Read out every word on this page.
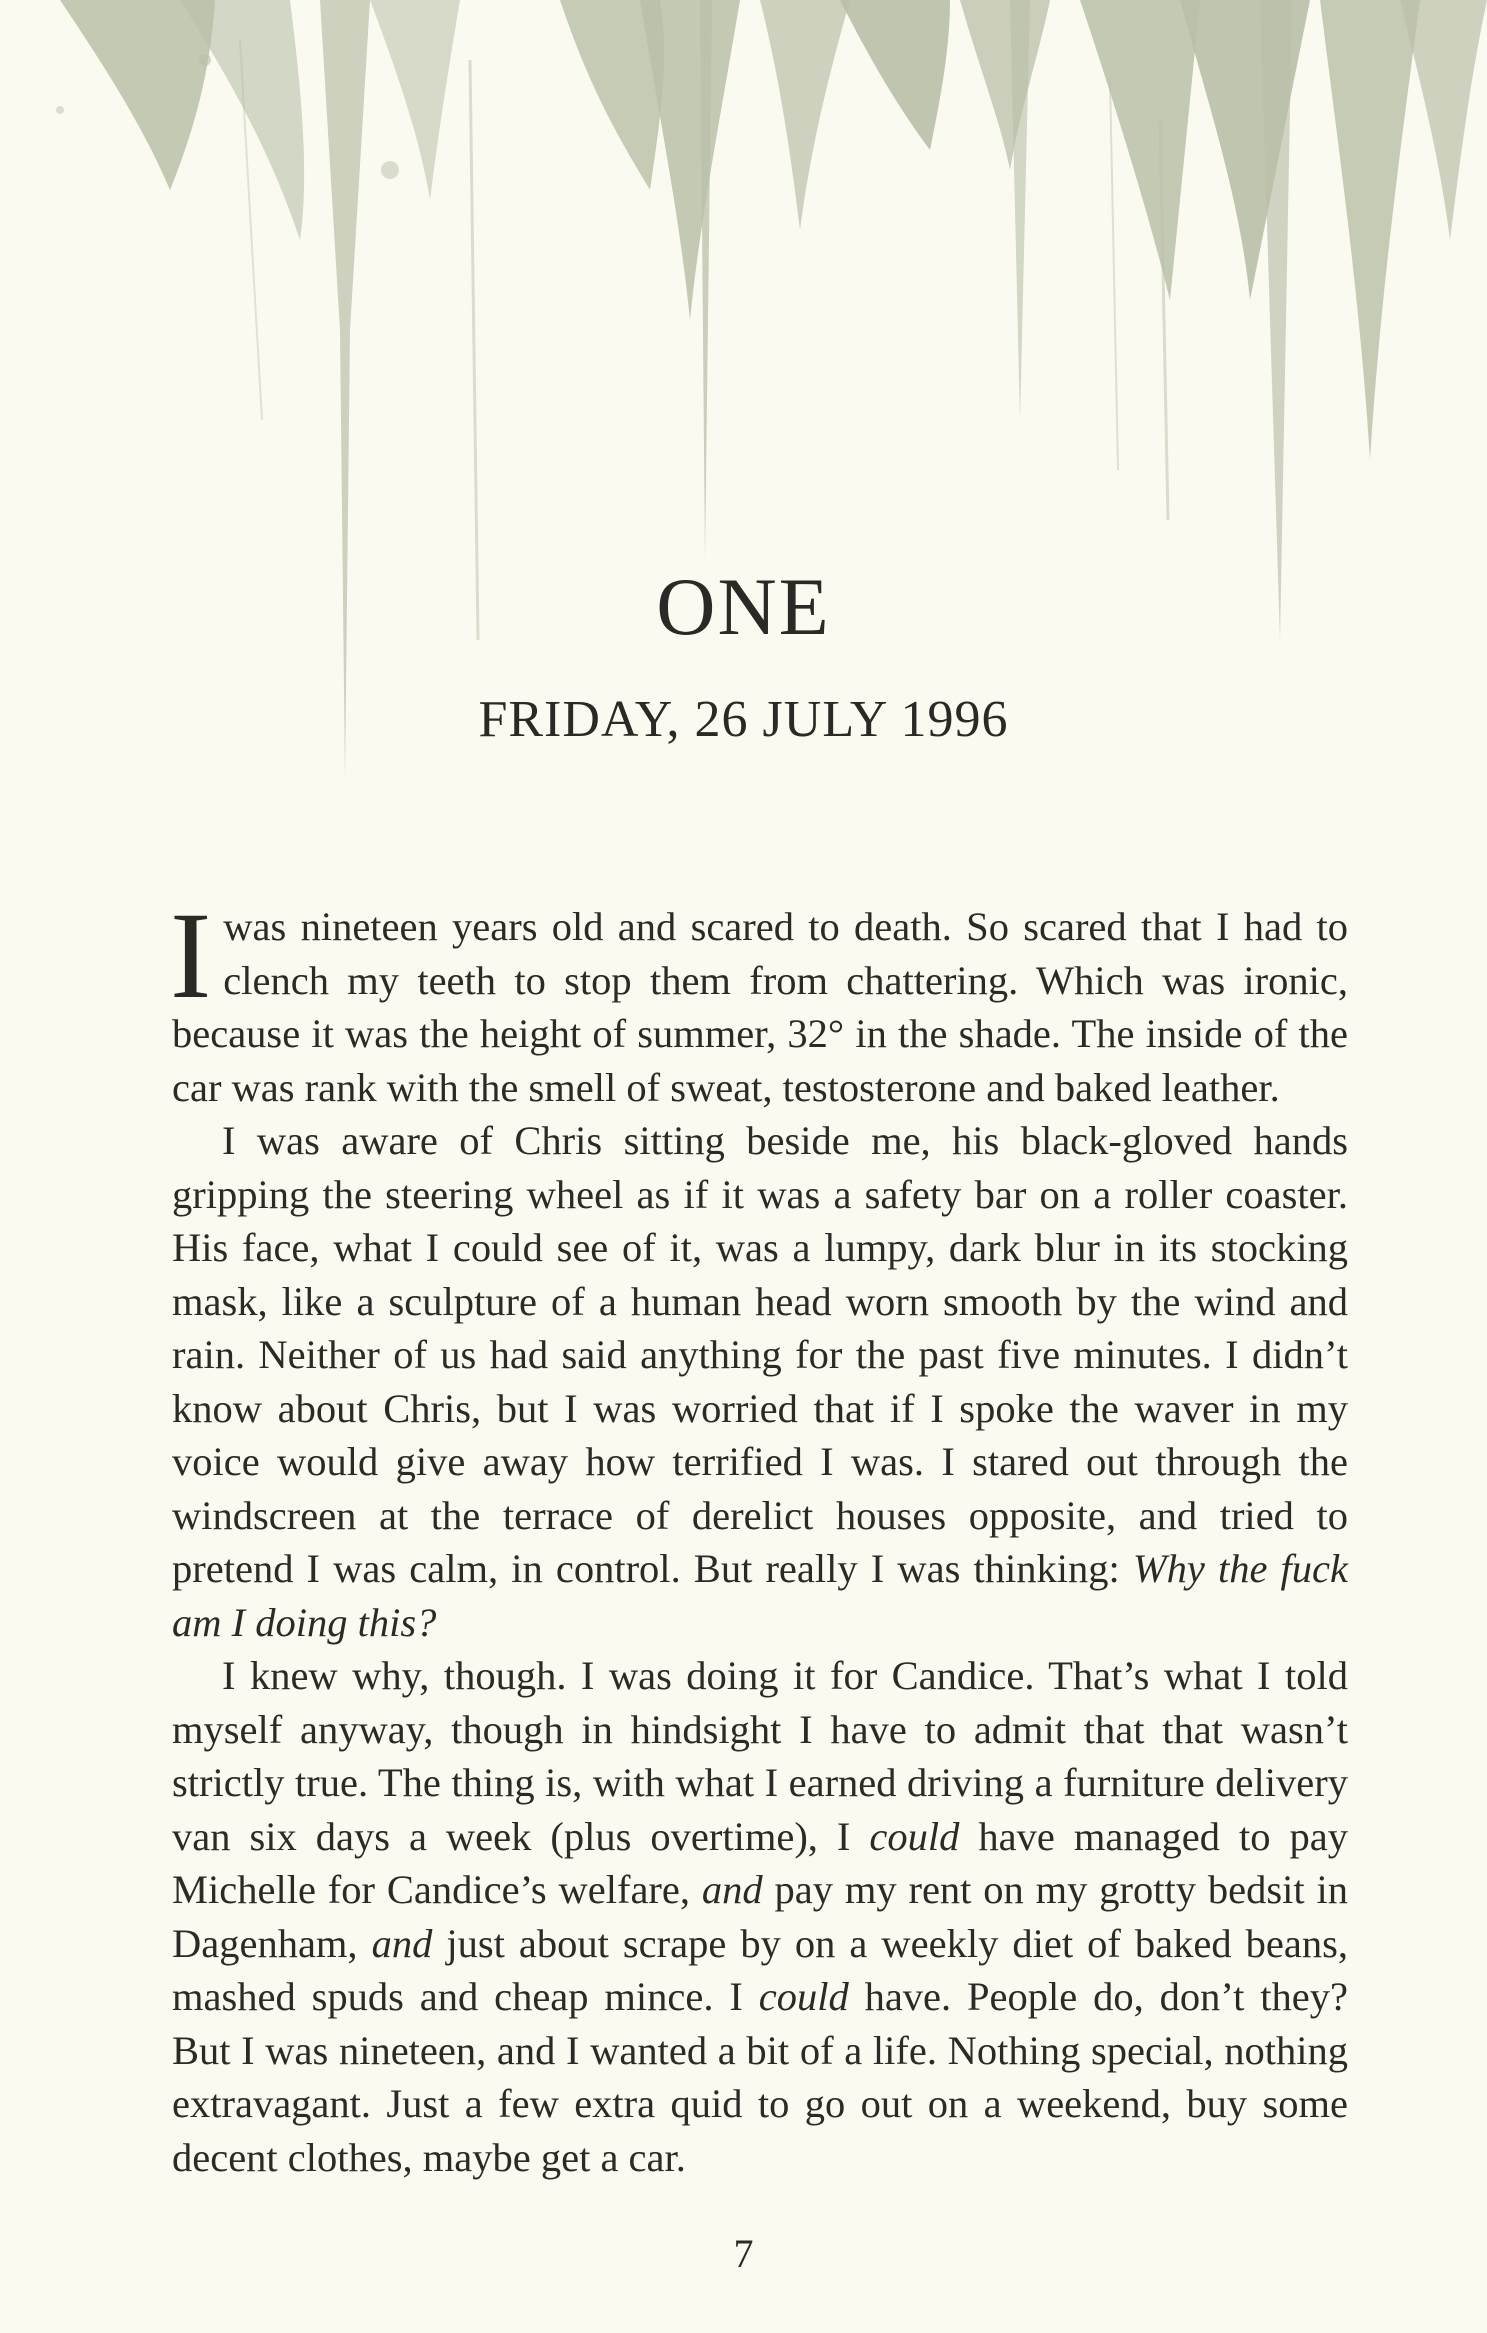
ONE
FRIDAY, 26 JULY 1996

Iwas nineteen years old and scared to death. So scared that I had to clench my teeth to stop them from chattering. Which was ironic, because it was the height of summer, 32° in the shade. The inside of the car was rank with the smell of sweat, testosterone and baked leather.

I was aware of Chris sitting beside me, his black-gloved hands gripping the steering wheel as if it was a safety bar on a roller coaster. His face, what I could see of it, was a lumpy, dark blur in its stocking mask, like a sculpture of a human head worn smooth by the wind and rain. Neither of us had said anything for the past five minutes. I didn’t know about Chris, but I was worried that if I spoke the waver in my voice would give away how terrified I was. I stared out through the windscreen at the terrace of derelict houses opposite, and tried to pretend I was calm, in control. But really I was thinking: Why the fuck am I doing this?

I knew why, though. I was doing it for Candice. That’s what I told myself anyway, though in hindsight I have to admit that that wasn’t strictly true. The thing is, with what I earned driving a furniture delivery van six days a week (plus overtime), I could have managed to pay Michelle for Candice’s welfare, and pay my rent on my grotty bedsit in Dagenham, and just about scrape by on a weekly diet of baked beans, mashed spuds and cheap mince. I could have. People do, don’t they? But I was nineteen, and I wanted a bit of a life. Nothing special, nothing extravagant. Just a few extra quid to go out on a weekend, buy some decent clothes, maybe get a car.

7
